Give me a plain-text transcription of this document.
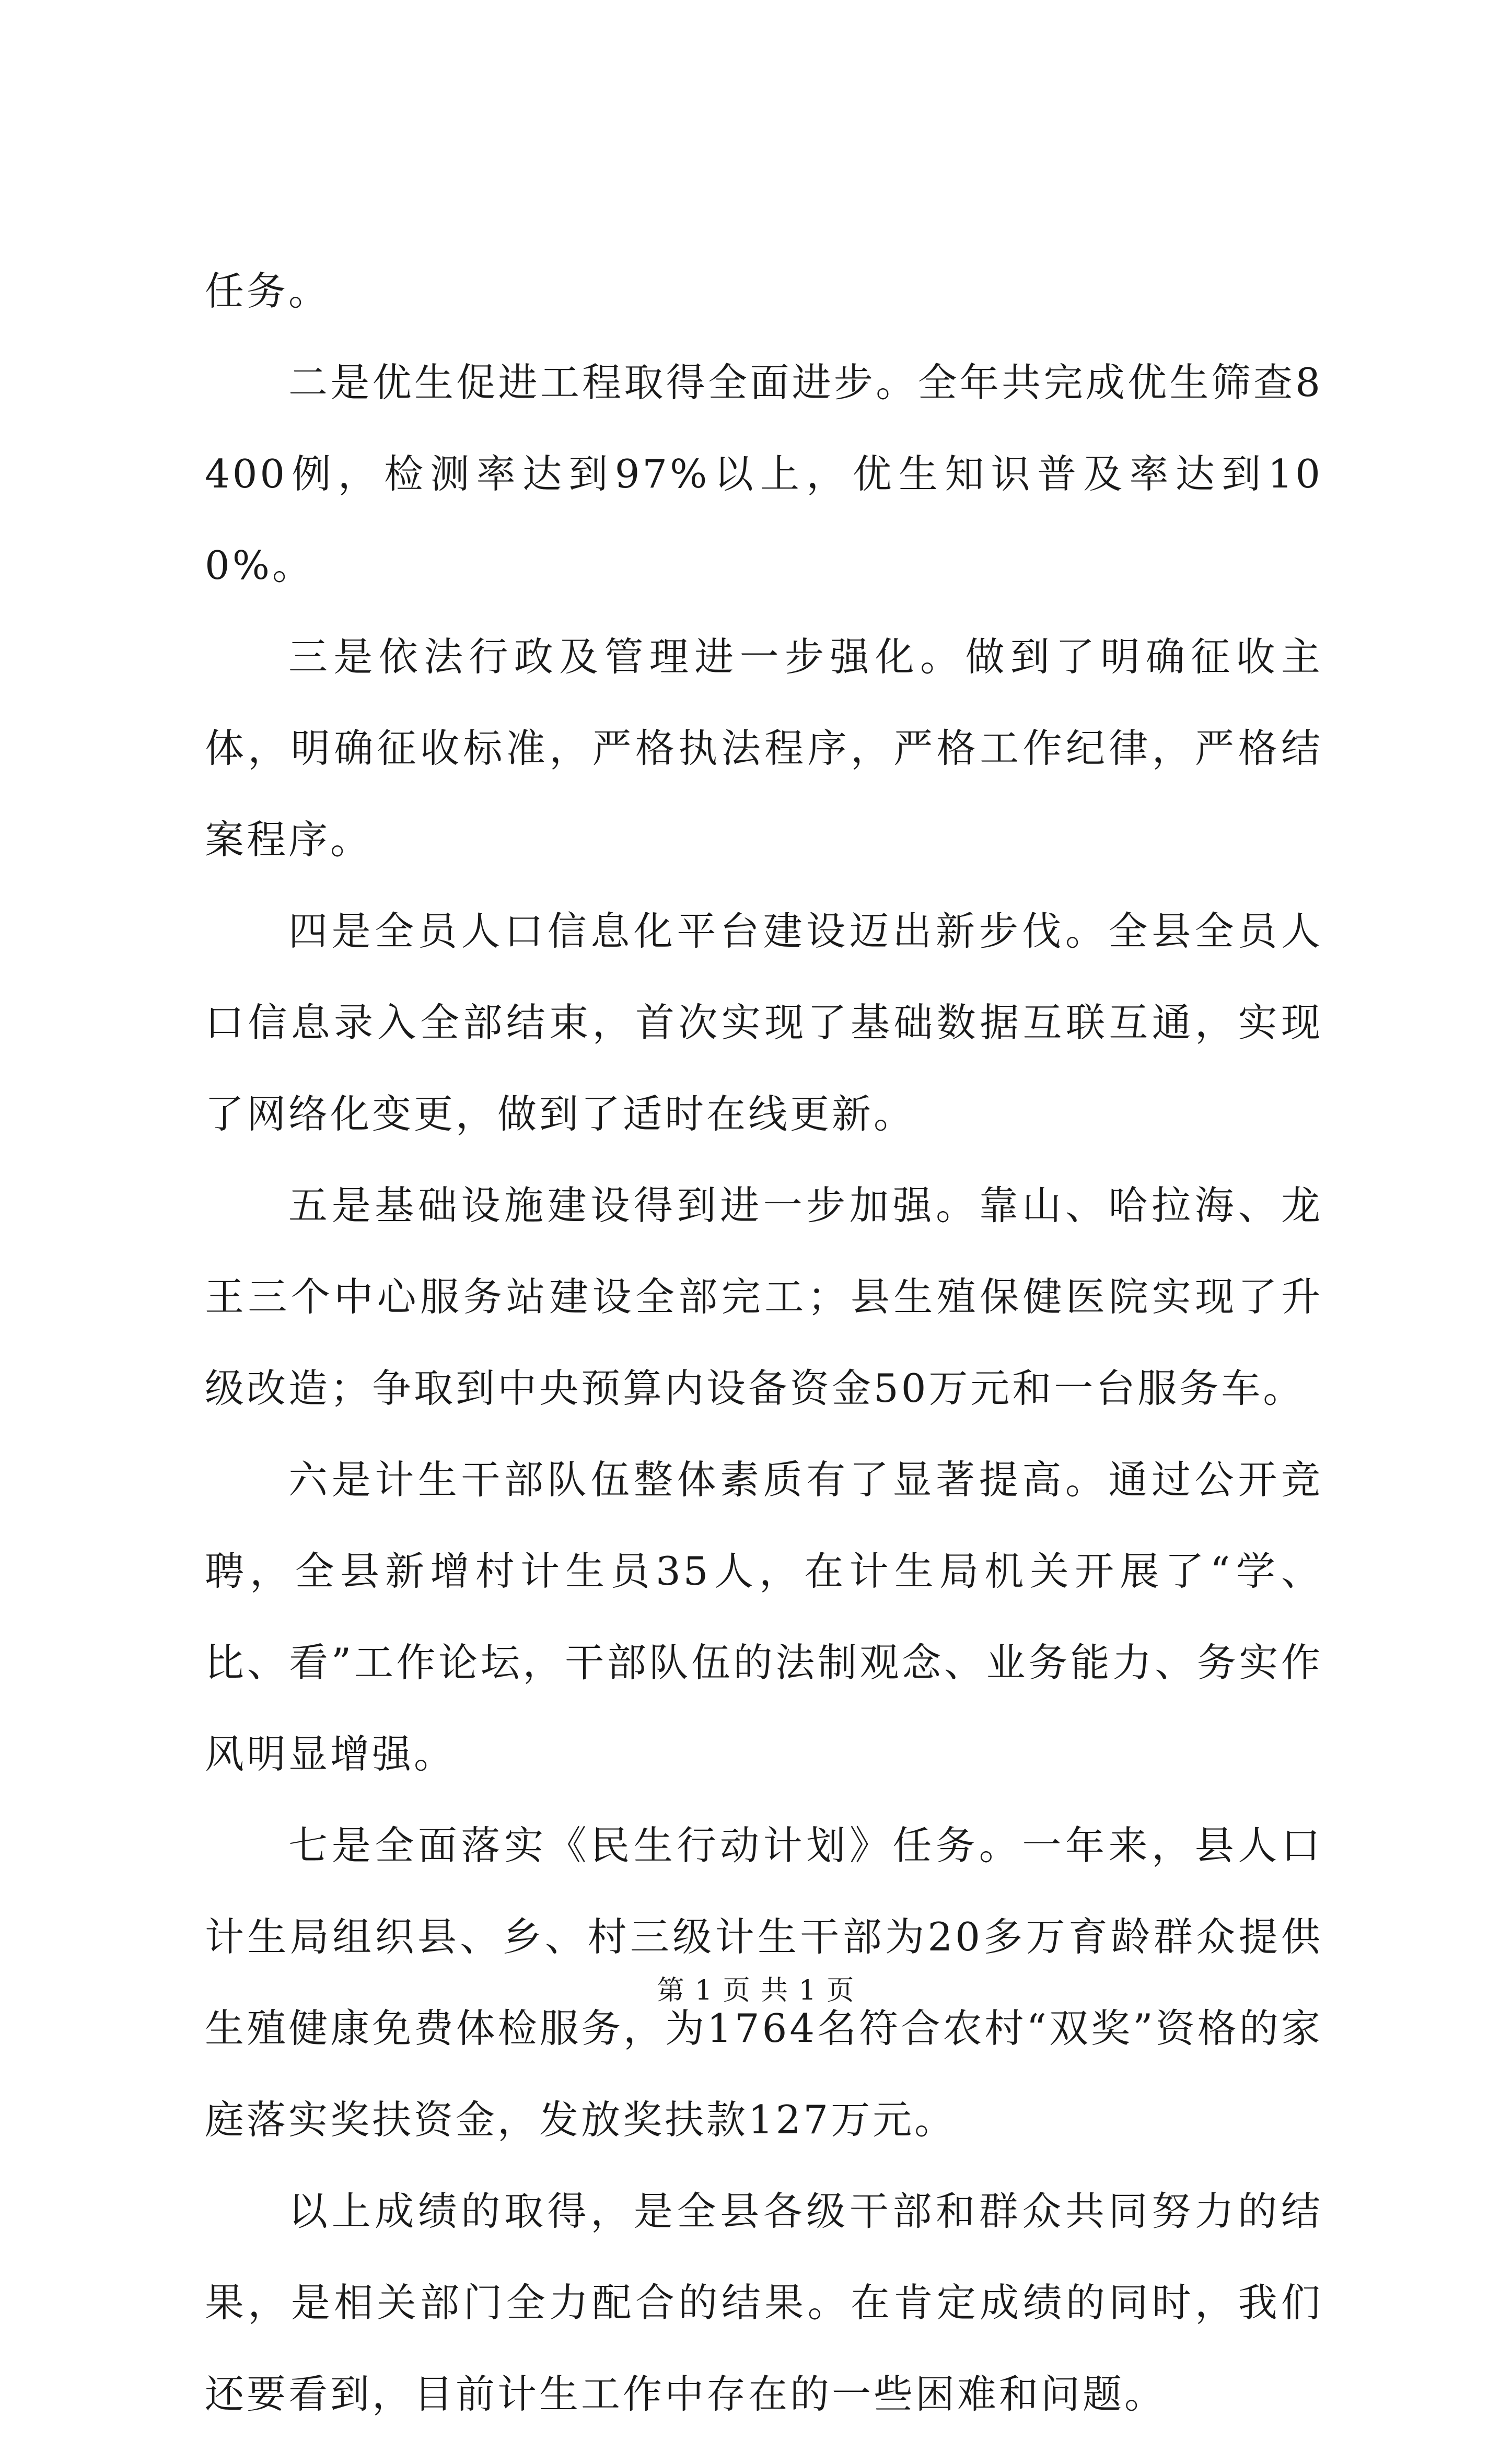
任务。

二是优生促进工程取得全面进步。全年共完成优生筛查8400例，检测率达到97%以上，优生知识普及率达到100%。

三是依法行政及管理进一步强化。做到了明确征收主体，明确征收标准，严格执法程序，严格工作纪律，严格结案程序。

四是全员人口信息化平台建设迈出新步伐。全县全员人口信息录入全部结束，首次实现了基础数据互联互通，实现了网络化变更，做到了适时在线更新。

五是基础设施建设得到进一步加强。靠山、哈拉海、龙王三个中心服务站建设全部完工；县生殖保健医院实现了升级改造；争取到中央预算内设备资金50万元和一台服务车。

六是计生干部队伍整体素质有了显著提高。通过公开竞聘，全县新增村计生员35人，在计生局机关开展了“学、比、看”工作论坛，干部队伍的法制观念、业务能力、务实作风明显增强。

七是全面落实《民生行动计划》任务。一年来，县人口计生局组织县、乡、村三级计生干部为20多万育龄群众提供生殖健康免费体检服务，为1764名符合农村“双奖”资格的家庭落实奖扶资金，发放奖扶款127万元。

以上成绩的取得，是全县各级干部和群众共同努力的结果，是相关部门全力配合的结果。在肯定成绩的同时，我们还要看到，目前计生工作中存在的一些困难和问题。

第 1 页 共 1 页
